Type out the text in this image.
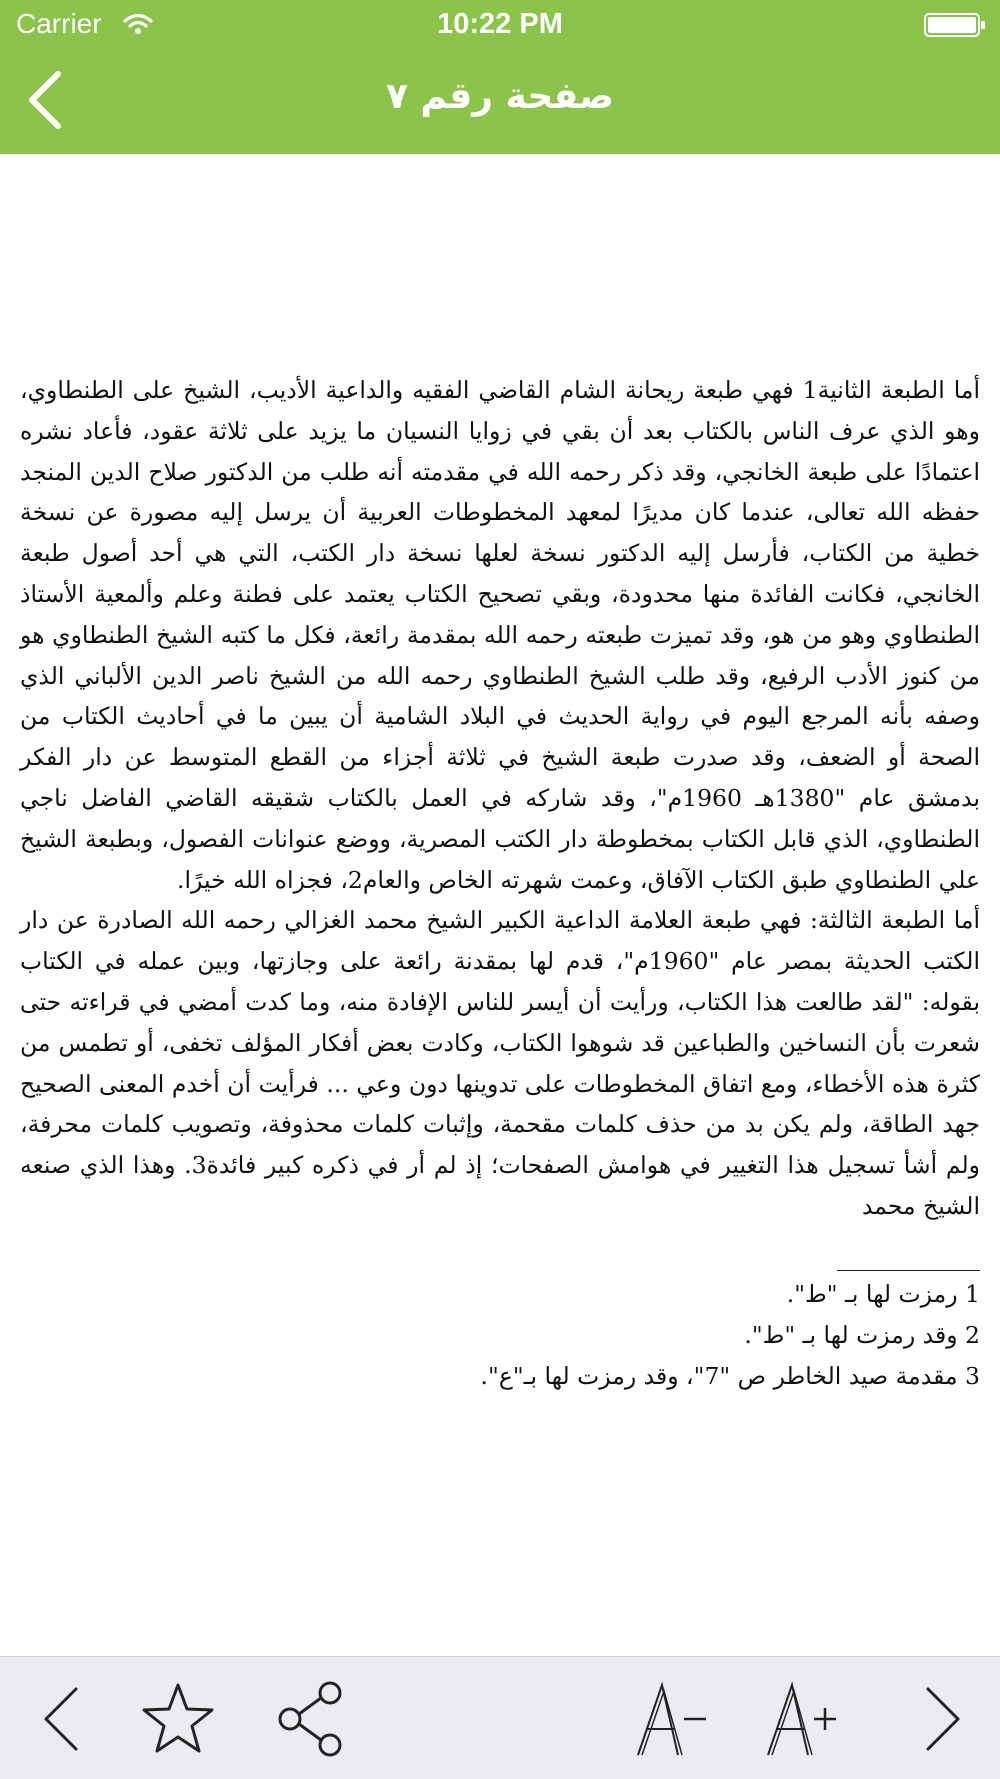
Carrier	10:22 PM
صفحة رقم ٧

أما الطبعة الثانية1 فهي طبعة ريحانة الشام القاضي الفقيه والداعية الأديب، الشيخ على الطنطاوي، وهو الذي عرف الناس بالكتاب بعد أن بقي في زوايا النسيان ما يزيد على ثلاثة عقود، فأعاد نشره اعتمادًا على طبعة الخانجي، وقد ذكر رحمه الله في مقدمته أنه طلب من الدكتور صلاح الدين المنجد حفظه الله تعالى، عندما كان مديرًا لمعهد المخطوطات العربية أن يرسل إليه مصورة عن نسخة خطية من الكتاب، فأرسل إليه الدكتور نسخة لعلها نسخة دار الكتب، التي هي أحد أصول طبعة الخانجي، فكانت الفائدة منها محدودة، وبقي تصحيح الكتاب يعتمد على فطنة وعلم وألمعية الأستاذ الطنطاوي وهو من هو، وقد تميزت طبعته رحمه الله بمقدمة رائعة، فكل ما كتبه الشيخ الطنطاوي هو من كنوز الأدب الرفيع، وقد طلب الشيخ الطنطاوي رحمه الله من الشيخ ناصر الدين الألباني الذي وصفه بأنه المرجع اليوم في رواية الحديث في البلاد الشامية أن يبين ما في أحاديث الكتاب من الصحة أو الضعف، وقد صدرت طبعة الشيخ في ثلاثة أجزاء من القطع المتوسط عن دار الفكر بدمشق عام "1380هـ 1960م"، وقد شاركه في العمل بالكتاب شقيقه القاضي الفاضل ناجي الطنطاوي، الذي قابل الكتاب بمخطوطة دار الكتب المصرية، ووضع عنوانات الفصول، وبطبعة الشيخ علي الطنطاوي طبق الكتاب الآفاق، وعمت شهرته الخاص والعام2، فجزاه الله خيرًا.

أما الطبعة الثالثة: فهي طبعة العلامة الداعية الكبير الشيخ محمد الغزالي رحمه الله الصادرة عن دار الكتب الحديثة بمصر عام "1960م"، قدم لها بمقدنة رائعة على وجازتها، وبين عمله في الكتاب بقوله: "لقد طالعت هذا الكتاب، ورأيت أن أيسر للناس الإفادة منه، وما كدت أمضي في قراءته حتى شعرت بأن النساخين والطباعين قد شوهوا الكتاب، وكادت بعض أفكار المؤلف تخفى، أو تطمس من كثرة هذه الأخطاء، ومع اتفاق المخطوطات على تدوينها دون وعي ... فرأيت أن أخدم المعنى الصحيح جهد الطاقة، ولم يكن بد من حذف كلمات مقحمة، وإثبات كلمات محذوفة، وتصويب كلمات محرفة، ولم أشأ تسجيل هذا التغيير في هوامش الصفحات؛ إذ لم أر في ذكره كبير فائدة3. وهذا الذي صنعه الشيخ محمد

1 رمزت لها بـ "ط".
2 وقد رمزت لها بـ "ط".
3 مقدمة صيد الخاطر ص "7"، وقد رمزت لها بـ"ع".
